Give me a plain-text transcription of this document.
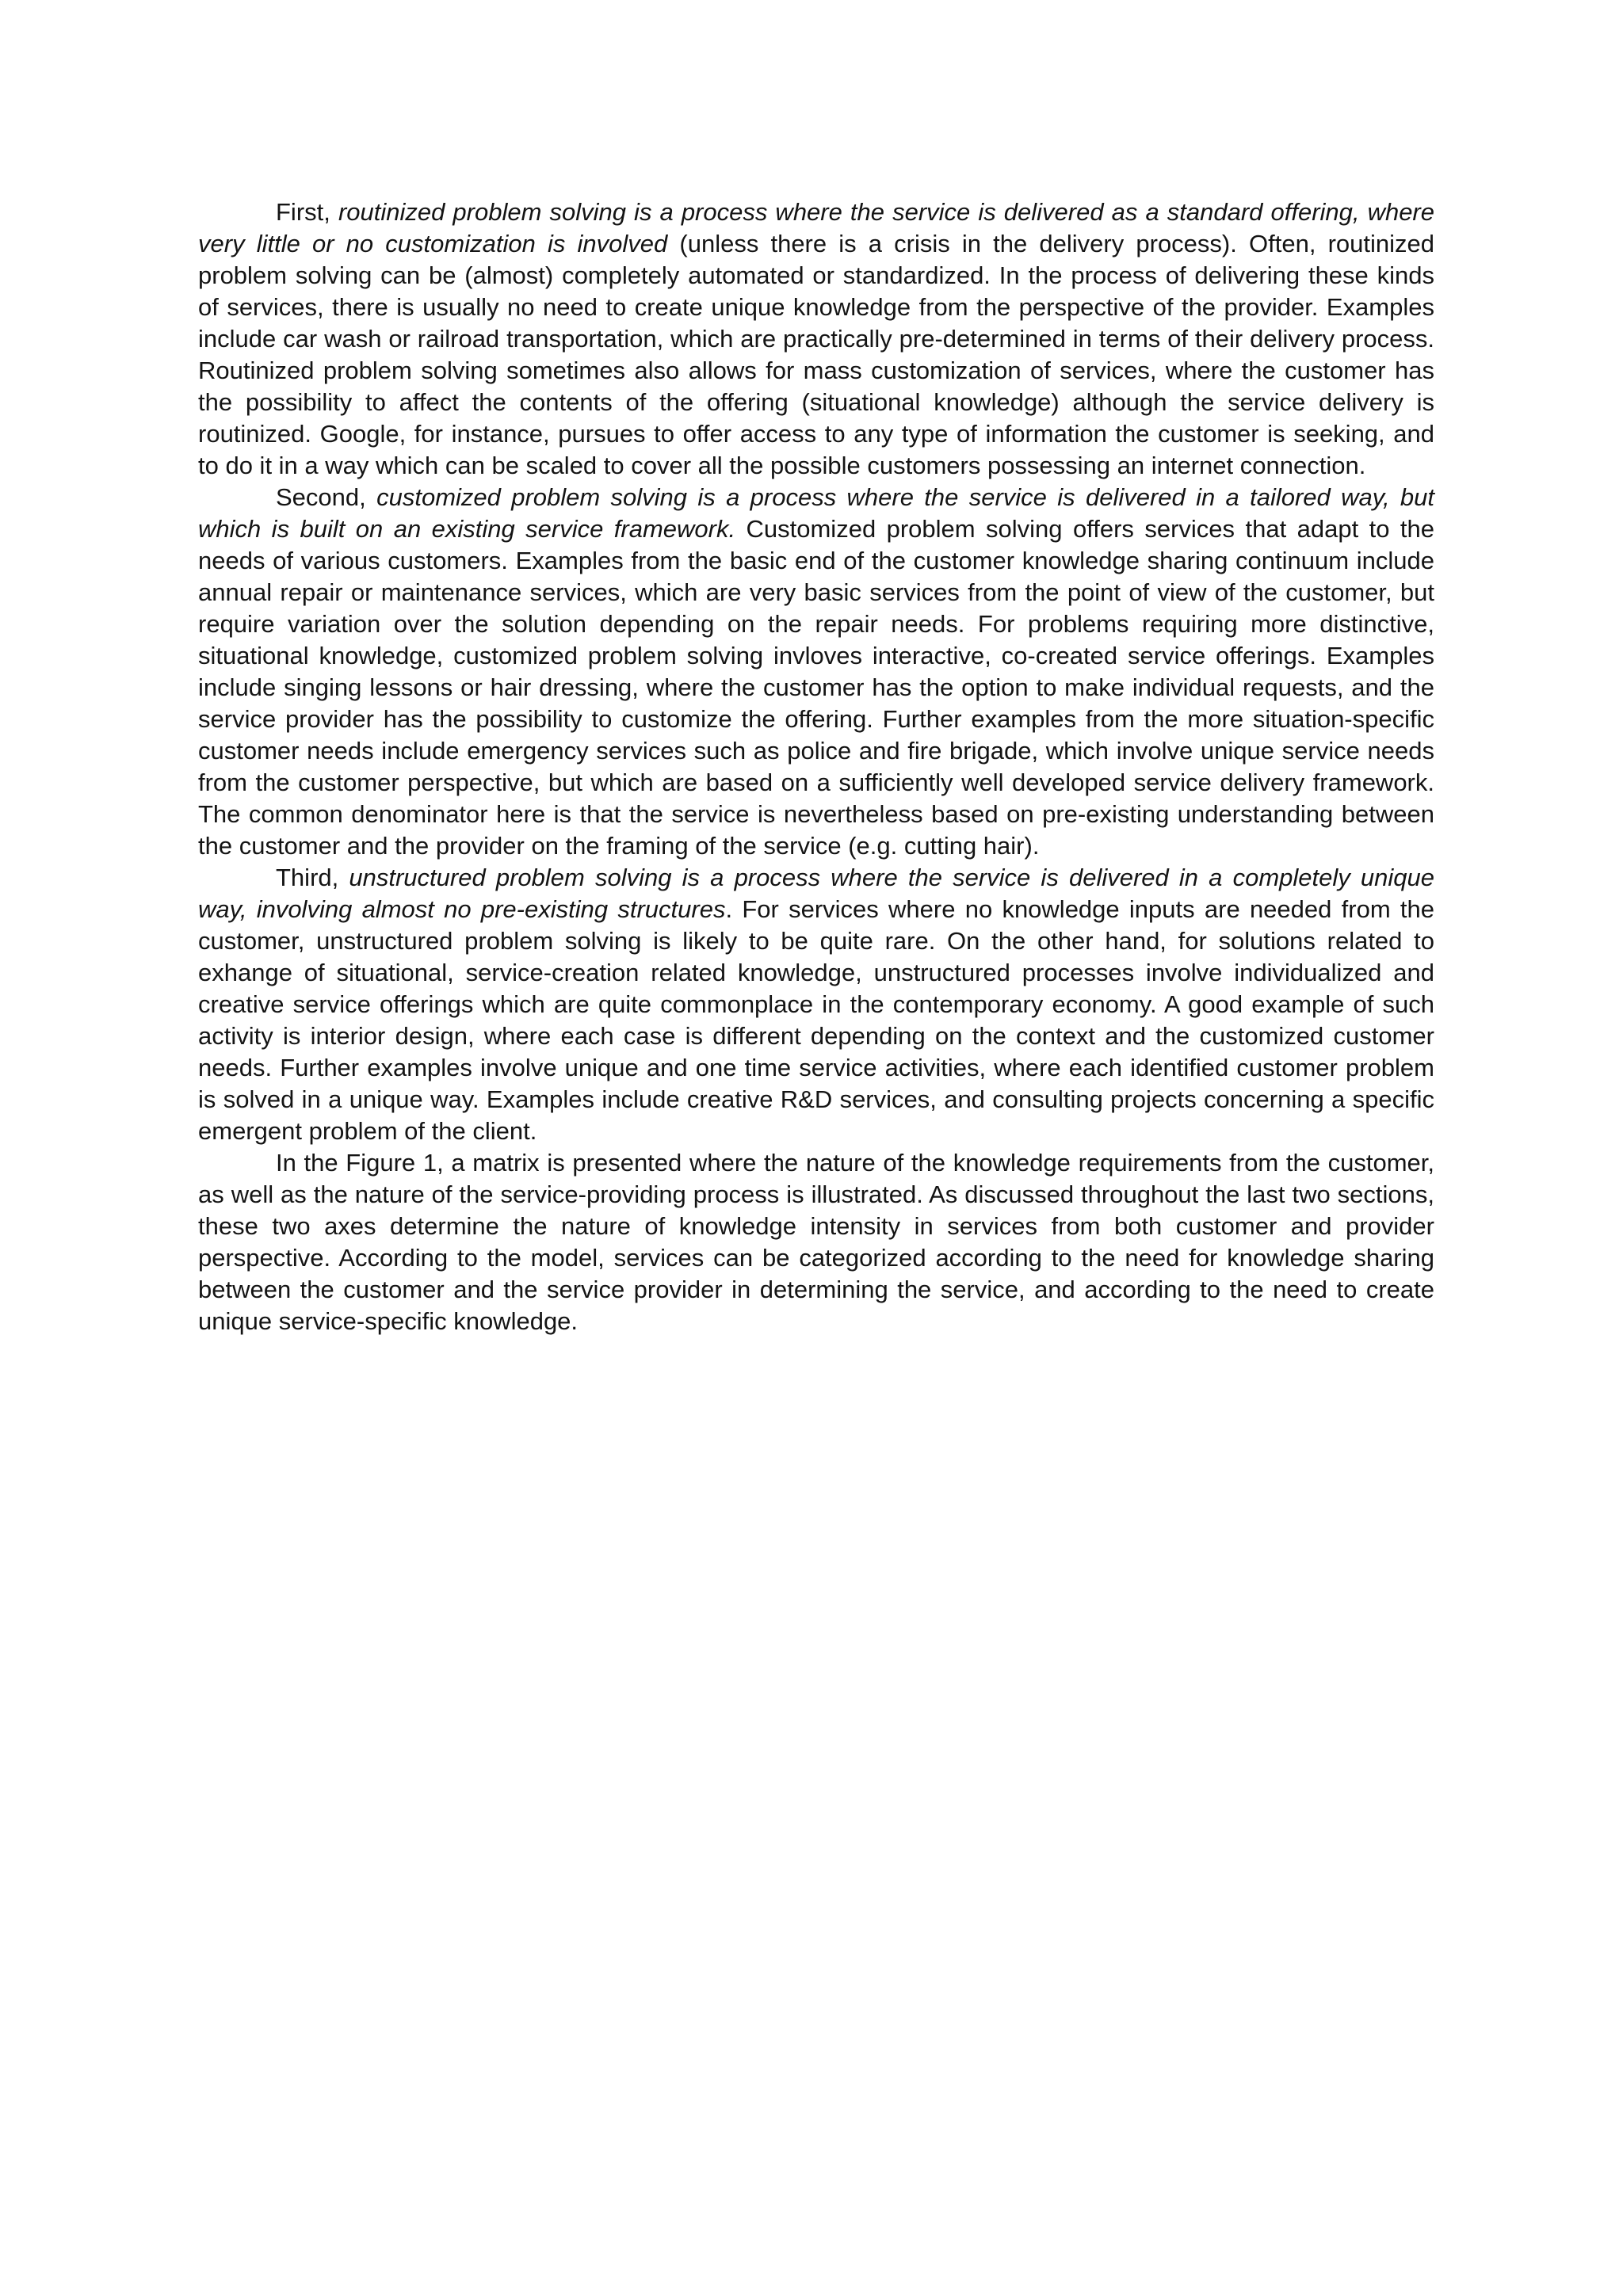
First, routinized problem solving is a process where the service is delivered as a standard offering, where very little or no customization is involved (unless there is a crisis in the delivery process). Often, routinized problem solving can be (almost) completely automated or standardized. In the process of delivering these kinds of services, there is usually no need to create unique knowledge from the perspective of the provider. Examples include car wash or railroad transportation, which are practically pre-determined in terms of their delivery process. Routinized problem solving sometimes also allows for mass customization of services, where the customer has the possibility to affect the contents of the offering (situational knowledge) although the service delivery is routinized. Google, for instance, pursues to offer access to any type of information the customer is seeking, and to do it in a way which can be scaled to cover all the possible customers possessing an internet connection.

Second, customized problem solving is a process where the service is delivered in a tailored way, but which is built on an existing service framework. Customized problem solving offers services that adapt to the needs of various customers. Examples from the basic end of the customer knowledge sharing continuum include annual repair or maintenance services, which are very basic services from the point of view of the customer, but require variation over the solution depending on the repair needs. For problems requiring more distinctive, situational knowledge, customized problem solving invloves interactive, co-created service offerings. Examples include singing lessons or hair dressing, where the customer has the option to make individual requests, and the service provider has the possibility to customize the offering. Further examples from the more situation-specific customer needs include emergency services such as police and fire brigade, which involve unique service needs from the customer perspective, but which are based on a sufficiently well developed service delivery framework. The common denominator here is that the service is nevertheless based on pre-existing understanding between the customer and the provider on the framing of the service (e.g. cutting hair).

Third, unstructured problem solving is a process where the service is delivered in a completely unique way, involving almost no pre-existing structures. For services where no knowledge inputs are needed from the customer, unstructured problem solving is likely to be quite rare. On the other hand, for solutions related to exhange of situational, service-creation related knowledge, unstructured processes involve individualized and creative service offerings which are quite commonplace in the contemporary economy. A good example of such activity is interior design, where each case is different depending on the context and the customized customer needs. Further examples involve unique and one time service activities, where each identified customer problem is solved in a unique way. Examples include creative R&D services, and consulting projects concerning a specific emergent problem of the client.

In the Figure 1, a matrix is presented where the nature of the knowledge requirements from the customer, as well as the nature of the service-providing process is illustrated. As discussed throughout the last two sections, these two axes determine the nature of knowledge intensity in services from both customer and provider perspective. According to the model, services can be categorized according to the need for knowledge sharing between the customer and the service provider in determining the service, and according to the need to create unique service-specific knowledge.
